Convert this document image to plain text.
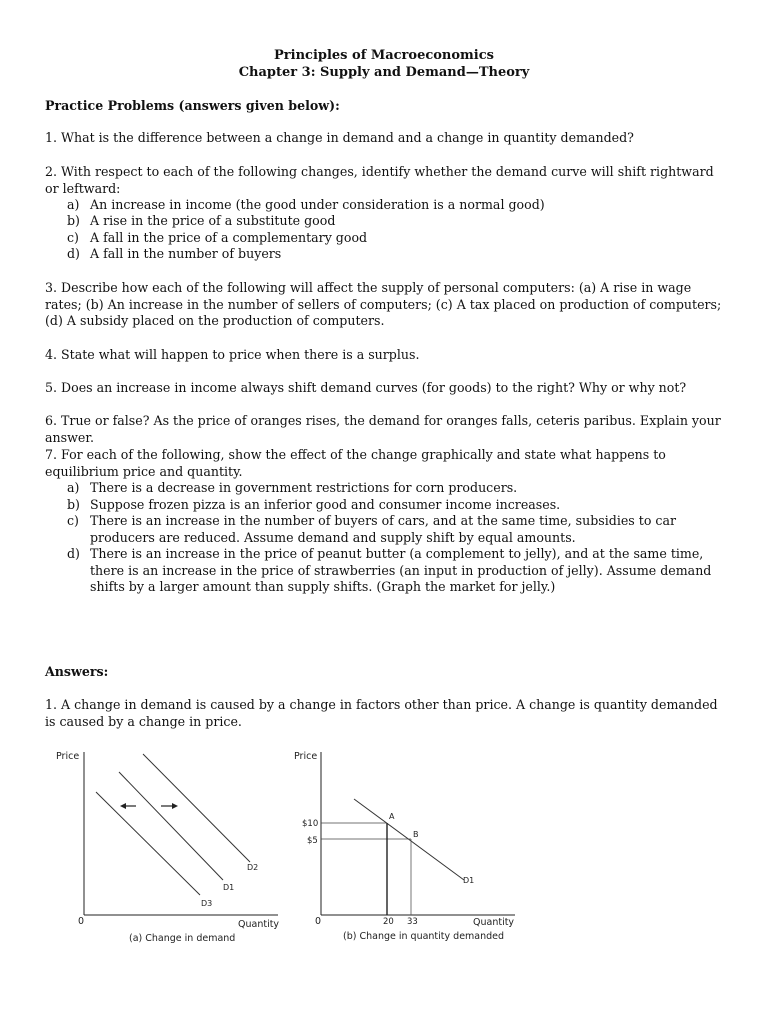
Principles of Macroeconomics
Chapter 3: Supply and Demand—Theory
Practice Problems (answers given below):
1. What is the difference between a change in demand and a change in quantity demanded?
2. With respect to each of the following changes, identify whether the demand curve will shift rightward or leftward:
a) An increase in income (the good under consideration is a normal good)
b) A rise in the price of a substitute good
c) A fall in the price of a complementary good
d) A fall in the number of buyers
3. Describe how each of the following will affect the supply of personal computers: (a) A rise in wage rates; (b) An increase in the number of sellers of computers; (c) A tax placed on production of computers; (d) A subsidy placed on the production of computers.
4. State what will happen to price when there is a surplus.
5. Does an increase in income always shift demand curves (for goods) to the right? Why or why not?
6. True or false? As the price of oranges rises, the demand for oranges falls, ceteris paribus. Explain your answer.
7. For each of the following, show the effect of the change graphically and state what happens to equilibrium price and quantity.
a) There is a decrease in government restrictions for corn producers.
b) Suppose frozen pizza is an inferior good and consumer income increases.
c) There is an increase in the number of buyers of cars, and at the same time, subsidies to car producers are reduced. Assume demand and supply shift by equal amounts.
d) There is an increase in the price of peanut butter (a complement to jelly), and at the same time, there is an increase in the price of strawberries (an input in production of jelly). Assume demand shifts by a larger amount than supply shifts. (Graph the market for jelly.)
Answers:
1. A change in demand is caused by a change in factors other than price. A change is quantity demanded is caused by a change in price.
Price
0	Quantity
D2
D1
D3
(a) Change in demand
Price
0	Quantity
$10
$5
20 33
A
B
D1
(b) Change in quantity demanded
